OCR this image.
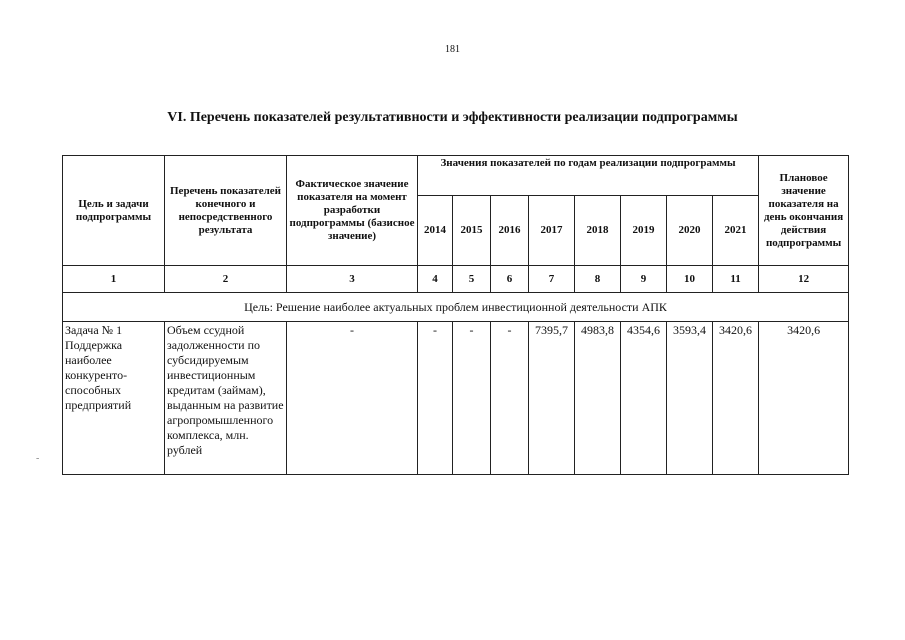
181
VI. Перечень показателей результативности и эффективности реализации подпрограммы
Цель и задачи подпрограммы	Перечень показателей конечного и непосредственного результата	Фактическое значение показателя на момент разработки подпрограммы (базисное значение)	Значения показателей по годам реализации подпрограммы								Плановое значение показателя на день окончания действия подпрограммы
			2014	2015	2016	2017	2018	2019	2020	2021	
1	2	3	4	5	6	7	8	9	10	11	12
Цель: Решение наиболее актуальных проблем инвестиционной деятельности АПК											
Задача № 1 Поддержка наиболее конкуренто-способных предприятий	Объем ссудной задолженности по субсидируемым инвестиционным кредитам (займам), выданным на развитие агропромышленного комплекса, млн. рублей	-	-	-	-	7395,7	4983,8	4354,6	3593,4	3420,6	3420,6
-
